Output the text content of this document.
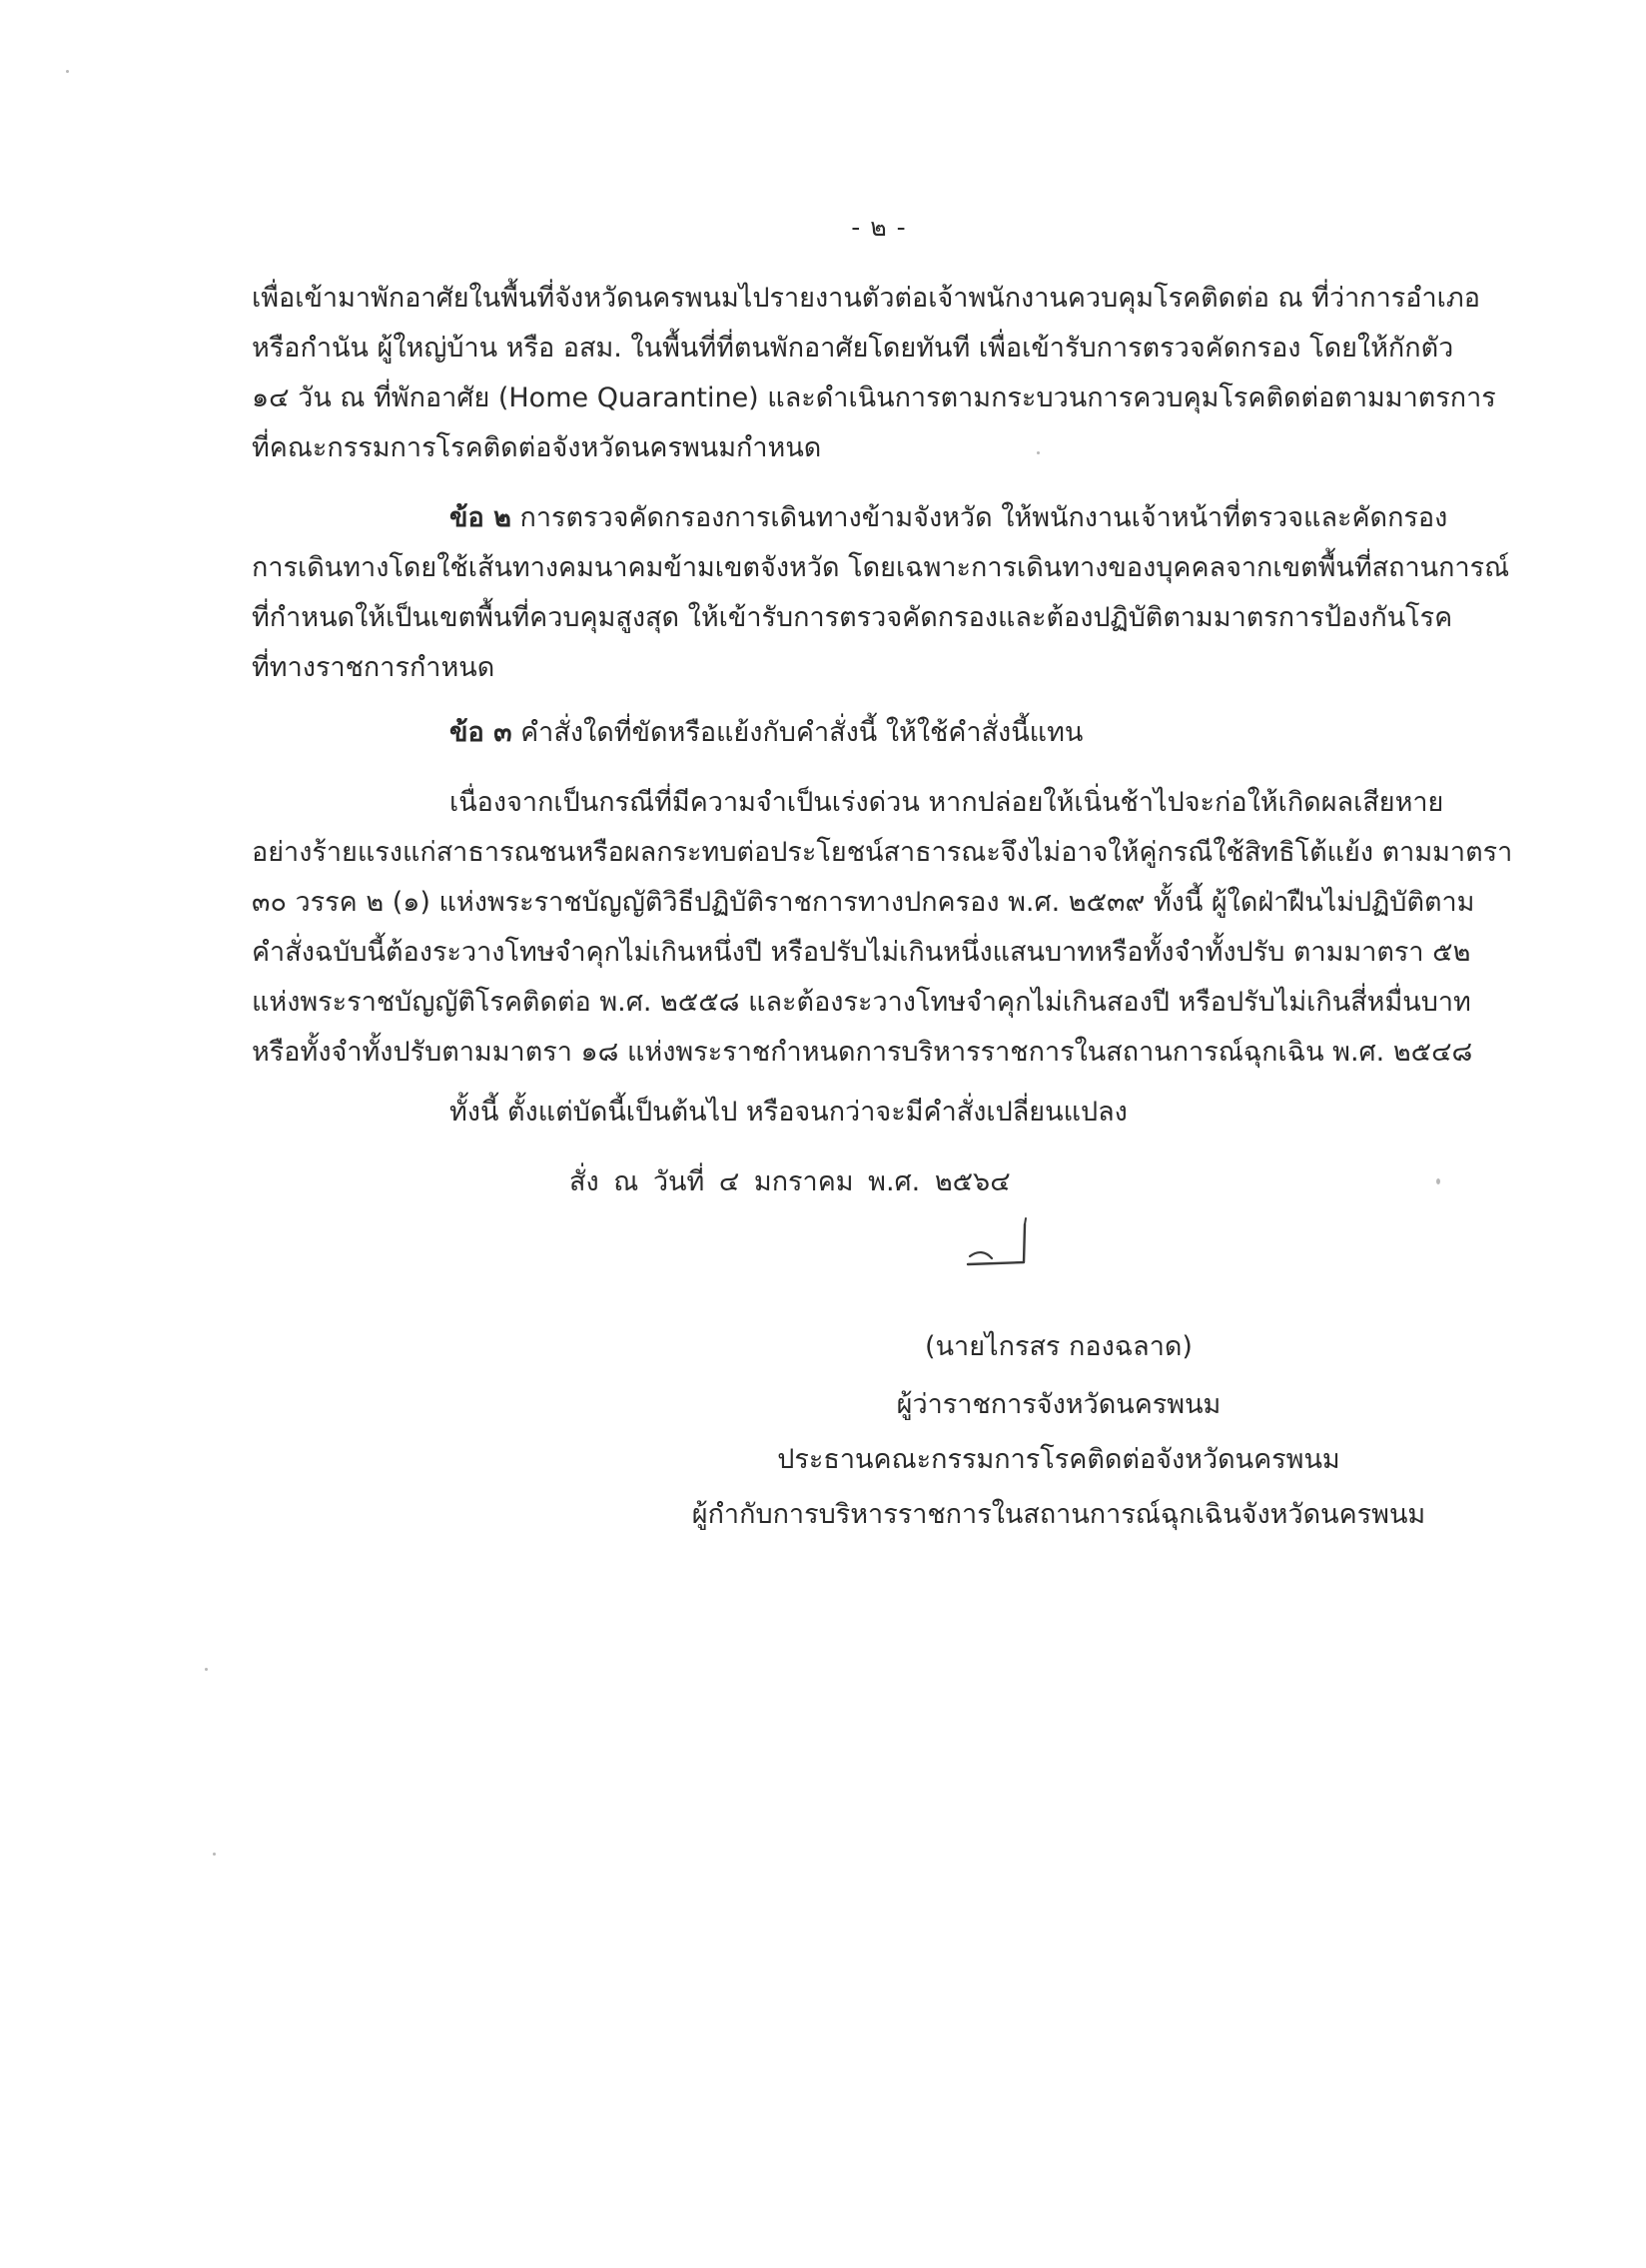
- ๒ -
เพื่อเข้ามาพักอาศัยในพื้นที่จังหวัดนครพนมไปรายงานตัวต่อเจ้าพนักงานควบคุมโรคติดต่อ ณ ที่ว่าการอำเภอ
หรือกำนัน ผู้ใหญ่บ้าน หรือ อสม. ในพื้นที่ที่ตนพักอาศัยโดยทันที เพื่อเข้ารับการตรวจคัดกรอง โดยให้กักตัว
๑๔ วัน ณ ที่พักอาศัย (Home Quarantine) และดำเนินการตามกระบวนการควบคุมโรคติดต่อตามมาตรการ
ที่คณะกรรมการโรคติดต่อจังหวัดนครพนมกำหนด
ข้อ ๒ การตรวจคัดกรองการเดินทางข้ามจังหวัด ให้พนักงานเจ้าหน้าที่ตรวจและคัดกรอง
การเดินทางโดยใช้เส้นทางคมนาคมข้ามเขตจังหวัด โดยเฉพาะการเดินทางของบุคคลจากเขตพื้นที่สถานการณ์
ที่กำหนดให้เป็นเขตพื้นที่ควบคุมสูงสุด ให้เข้ารับการตรวจคัดกรองและต้องปฏิบัติตามมาตรการป้องกันโรค
ที่ทางราชการกำหนด
ข้อ ๓ คำสั่งใดที่ขัดหรือแย้งกับคำสั่งนี้ ให้ใช้คำสั่งนี้แทน
เนื่องจากเป็นกรณีที่มีความจำเป็นเร่งด่วน หากปล่อยให้เนิ่นช้าไปจะก่อให้เกิดผลเสียหาย
อย่างร้ายแรงแก่สาธารณชนหรือผลกระทบต่อประโยชน์สาธารณะจึงไม่อาจให้คู่กรณีใช้สิทธิโต้แย้ง ตามมาตรา
๓๐ วรรค ๒ (๑) แห่งพระราชบัญญัติวิธีปฏิบัติราชการทางปกครอง พ.ศ. ๒๕๓๙ ทั้งนี้ ผู้ใดฝ่าฝืนไม่ปฏิบัติตาม
คำสั่งฉบับนี้ต้องระวางโทษจำคุกไม่เกินหนึ่งปี หรือปรับไม่เกินหนึ่งแสนบาทหรือทั้งจำทั้งปรับ ตามมาตรา ๕๒
แห่งพระราชบัญญัติโรคติดต่อ พ.ศ. ๒๕๕๘ และต้องระวางโทษจำคุกไม่เกินสองปี หรือปรับไม่เกินสี่หมื่นบาท
หรือทั้งจำทั้งปรับตามมาตรา ๑๘ แห่งพระราชกำหนดการบริหารราชการในสถานการณ์ฉุกเฉิน พ.ศ. ๒๕๔๘
ทั้งนี้ ตั้งแต่บัดนี้เป็นต้นไป หรือจนกว่าจะมีคำสั่งเปลี่ยนแปลง
สั่ง ณ วันที่ ๔ มกราคม พ.ศ. ๒๕๖๔
(นายไกรสร กองฉลาด)
ผู้ว่าราชการจังหวัดนครพนม
ประธานคณะกรรมการโรคติดต่อจังหวัดนครพนม
ผู้กำกับการบริหารราชการในสถานการณ์ฉุกเฉินจังหวัดนครพนม
